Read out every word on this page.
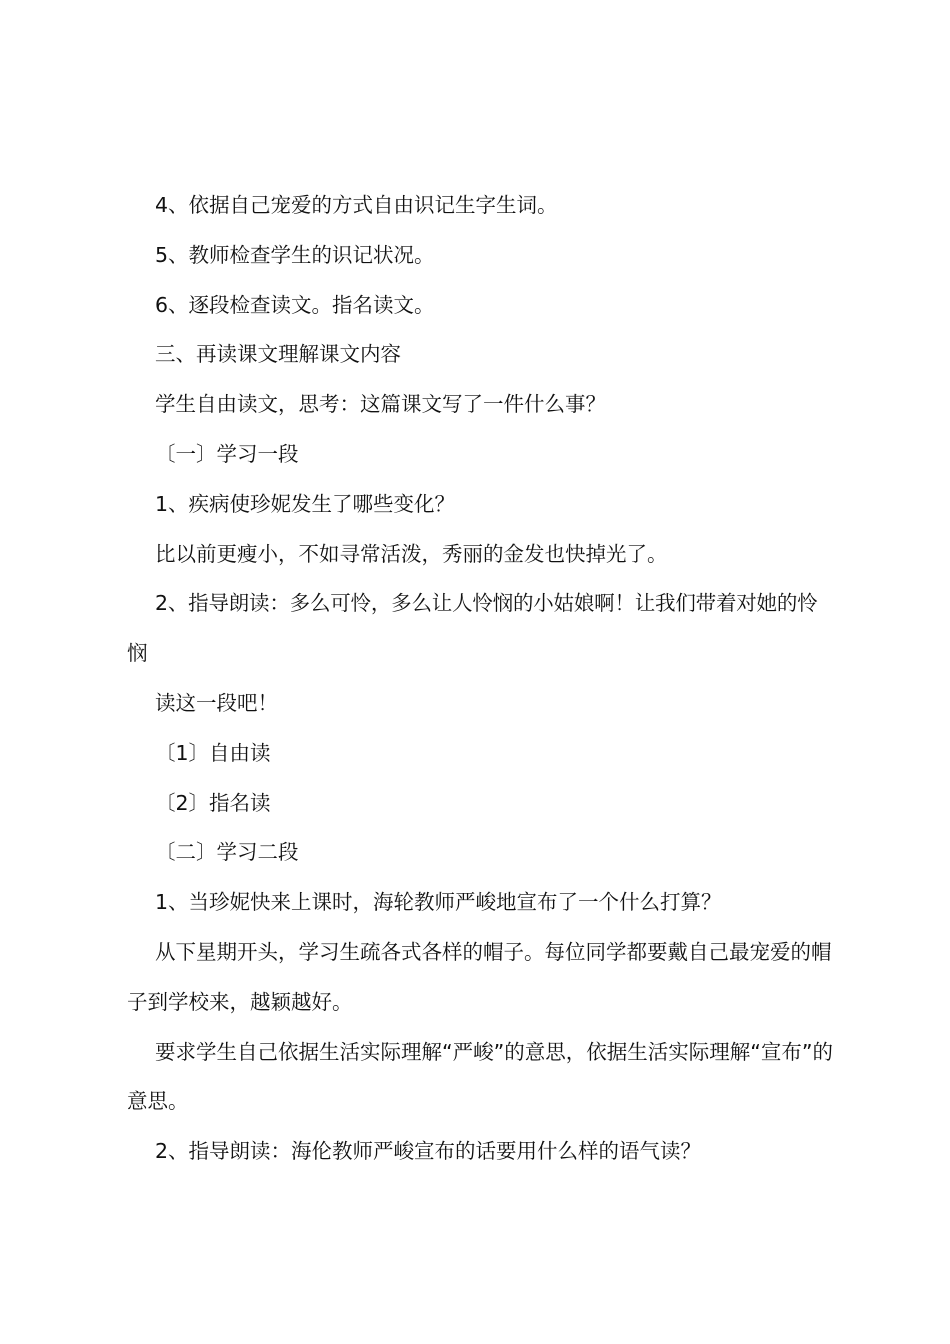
4、依据自己宠爱的方式自由识记生字生词。

5、教师检查学生的识记状况。

6、逐段检查读文。指名读文。

三、再读课文理解课文内容

学生自由读文，思考：这篇课文写了一件什么事？

〔一〕学习一段

1、疾病使珍妮发生了哪些变化？

比以前更瘦小，不如寻常活泼，秀丽的金发也快掉光了。

2、指导朗读：多么可怜，多么让人怜悯的小姑娘啊！让我们带着对她的怜悯

读这一段吧！

〔1〕自由读

〔2〕指名读

〔二〕学习二段

1、当珍妮快来上课时，海轮教师严峻地宣布了一个什么打算？

从下星期开头，学习生疏各式各样的帽子。每位同学都要戴自己最宠爱的帽子到学校来，越颖越好。

要求学生自己依据生活实际理解“严峻”的意思，依据生活实际理解“宣布”的意思。

2、指导朗读：海伦教师严峻宣布的话要用什么样的语气读？
